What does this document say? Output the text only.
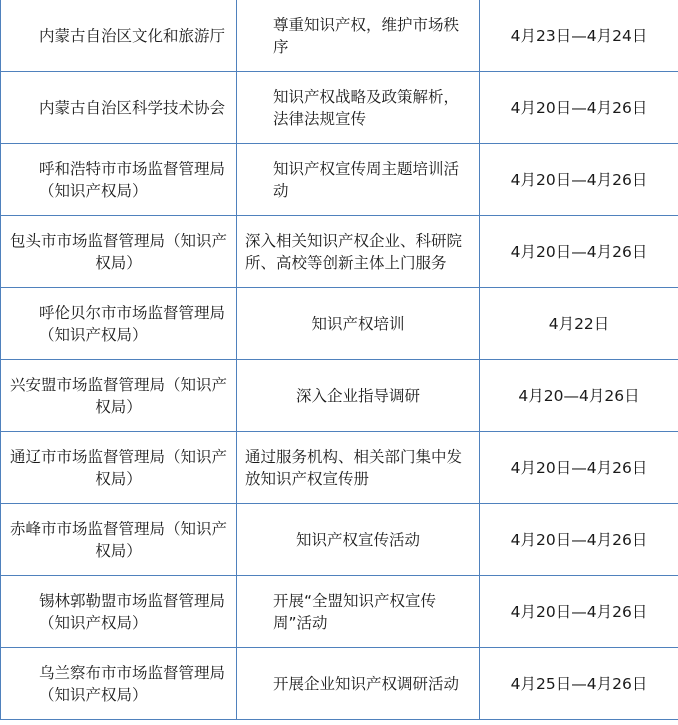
内蒙古自治区文化和旅游厅	尊重知识产权，维护市场秩序	4月23日—4月24日
内蒙古自治区科学技术协会	知识产权战略及政策解析，法律法规宣传	4月20日—4月26日
呼和浩特市市场监督管理局（知识产权局）	知识产权宣传周主题培训活动	4月20日—4月26日

包头市市场监督管理局（知识产权局）	深入相关知识产权企业、科研院所、高校等创新主体上门服务	4月20日—4月26日
呼伦贝尔市市场监督管理局（知识产权局）	知识产权培训	4月22日

兴安盟市场监督管理局（知识产权局）	深入企业指导调研	4月20—4月26日

通辽市市场监督管理局（知识产权局）	通过服务机构、相关部门集中发放知识产权宣传册	4月20日—4月26日

赤峰市市场监督管理局（知识产权局）	知识产权宣传活动	4月20日—4月26日
锡林郭勒盟市场监督管理局（知识产权局）	开展“全盟知识产权宣传周”活动	4月20日—4月26日
乌兰察布市市场监督管理局（知识产权局）	开展企业知识产权调研活动	4月25日—4月26日
